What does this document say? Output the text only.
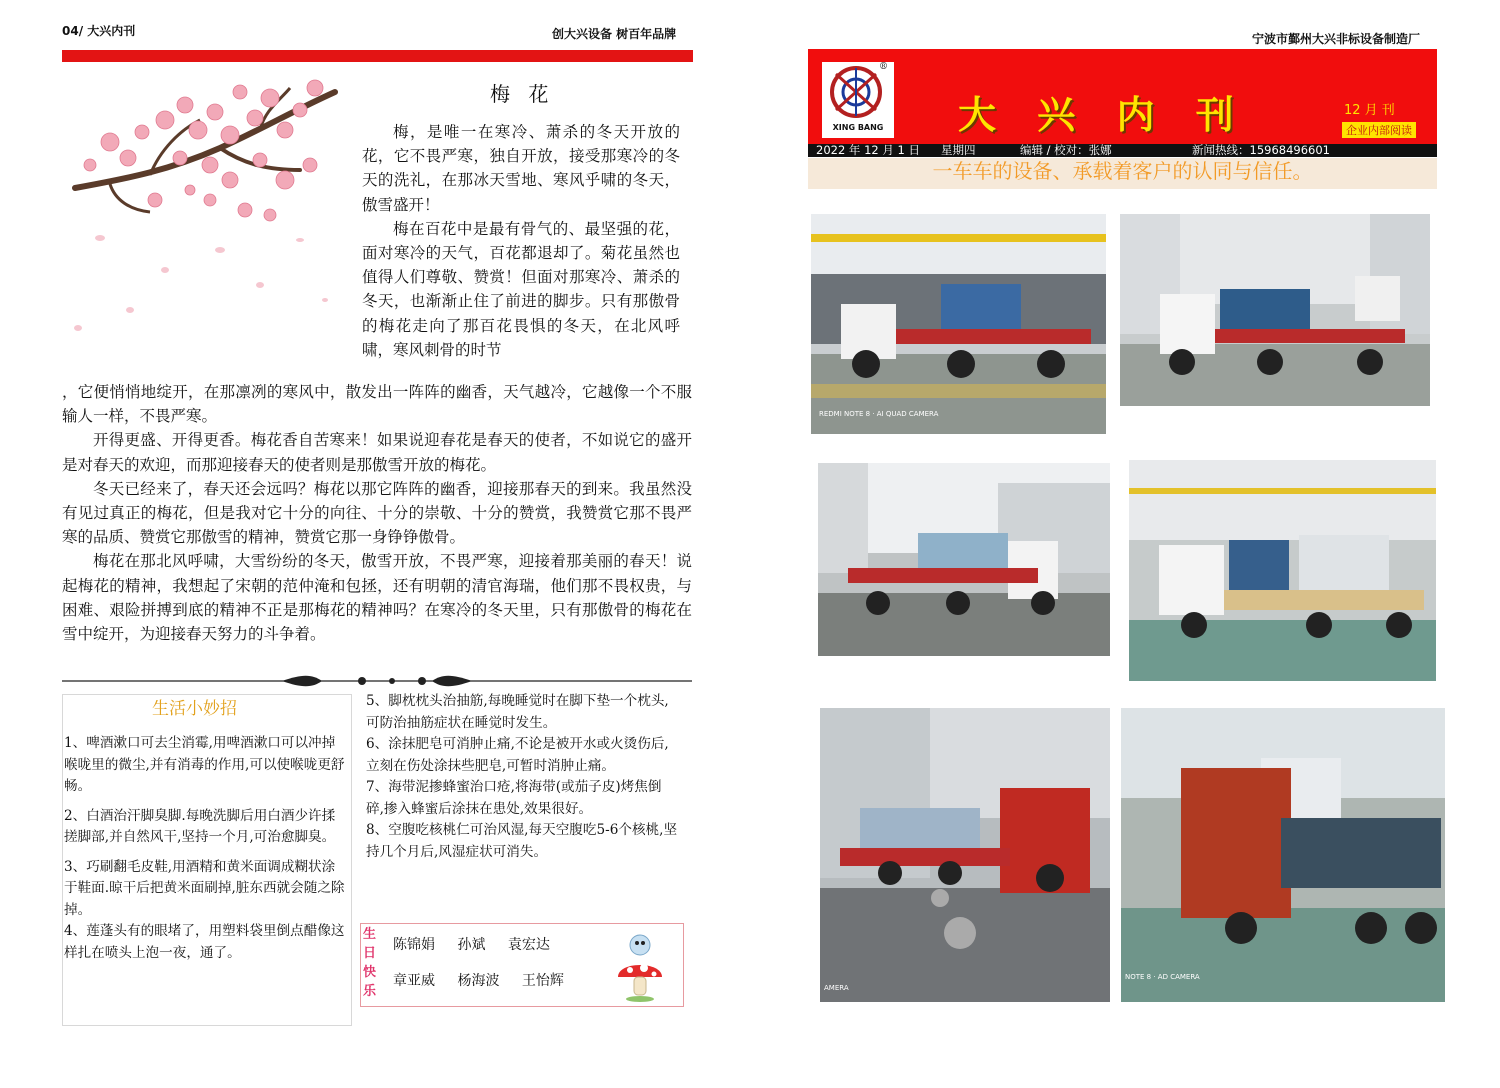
04/ 大兴内刊	创大兴设备 树百年品牌
梅 花

梅，是唯一在寒冷、萧杀的冬天开放的花，它不畏严寒，独自开放，接受那寒冷的冬天的洗礼，在那冰天雪地、寒风乎啸的冬天，傲雪盛开！

梅在百花中是最有骨气的、最坚强的花，面对寒冷的天气，百花都退却了。菊花虽然也值得人们尊敬、赞赏！但面对那寒冷、萧杀的冬天，也渐渐止住了前进的脚步。只有那傲骨的梅花走向了那百花畏惧的冬天，在北风呼啸，寒风刺骨的时节

，它便悄悄地绽开，在那凛冽的寒风中，散发出一阵阵的幽香，天气越冷，它越像一个不服输人一样，不畏严寒。

开得更盛、开得更香。梅花香自苦寒来！如果说迎春花是春天的使者，不如说它的盛开是对春天的欢迎，而那迎接春天的使者则是那傲雪开放的梅花。

冬天已经来了，春天还会远吗？梅花以那它阵阵的幽香，迎接那春天的到来。我虽然没有见过真正的梅花，但是我对它十分的向往、十分的崇敬、十分的赞赏，我赞赏它那不畏严寒的品质、赞赏它那傲雪的精神，赞赏它那一身铮铮傲骨。

梅花在那北风呼啸，大雪纷纷的冬天，傲雪开放，不畏严寒，迎接着那美丽的春天！说起梅花的精神，我想起了宋朝的范仲淹和包拯，还有明朝的清官海瑞，他们那不畏权贵，与困难、艰险拼搏到底的精神不正是那梅花的精神吗？在寒冷的冬天里，只有那傲骨的梅花在雪中绽开，为迎接春天努力的斗争着。

生活小妙招

1、啤酒漱口可去尘消霉,用啤酒漱口可以冲掉喉咙里的微尘,并有消毒的作用,可以使喉咙更舒畅。

2、白酒治汗脚臭脚.每晚洗脚后用白酒少许揉搓脚部,并自然风干,坚持一个月,可治愈脚臭。

3、巧刷翻毛皮鞋,用酒精和黄米面调成糊状涂于鞋面.晾干后把黄米面刷掉,脏东西就会随之除掉。

4、莲蓬头有的眼堵了，用塑料袋里倒点醋像这样扎在喷头上泡一夜，通了。

5、脚枕枕头治抽筋,每晚睡觉时在脚下垫一个枕头,可防治抽筋症状在睡觉时发生。

6、涂抹肥皂可消肿止痛,不论是被开水或火烫伤后,立刻在伤处涂抹些肥皂,可暂时消肿止痛。

7、海带泥掺蜂蜜治口疮,将海带(或茄子皮)烤焦倒碎,掺入蜂蜜后涂抹在患处,效果很好。

8、空腹吃核桃仁可治风湿,每天空腹吃5-6个核桃,坚持几个月后,风湿症状可消失。

生
日
快
乐
陈锦娟 孙斌 袁宏达
章亚威 杨海波 王怡辉
宁波市鄞州大兴非标设备制造厂
®
XING BANG 大 兴 内 刊	12 月 刊
企业内部阅读
2022 年 12 月 1 日 星期四	编辑 / 校对：张娜	新闻热线：15968496601
一车车的设备、承载着客户的认同与信任。
REDMI NOTE 8 · AI QUAD CAMERA
AMERA
NOTE 8 · AD CAMERA
